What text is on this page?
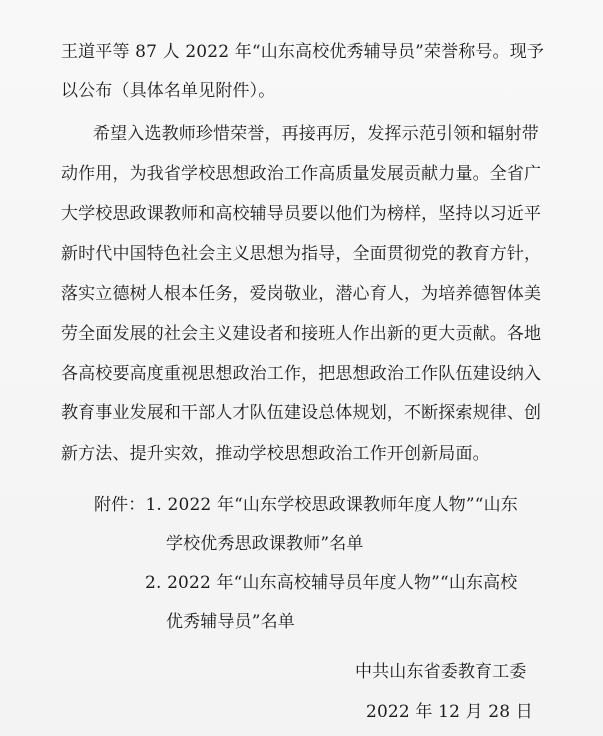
王道平等 87 人 2022 年“山东高校优秀辅导员”荣誉称号。现予
以公布（具体名单见附件）。
希望入选教师珍惜荣誉，再接再厉，发挥示范引领和辐射带
动作用，为我省学校思想政治工作高质量发展贡献力量。全省广
大学校思政课教师和高校辅导员要以他们为榜样，坚持以习近平
新时代中国特色社会主义思想为指导，全面贯彻党的教育方针，
落实立德树人根本任务，爱岗敬业，潜心育人，为培养德智体美
劳全面发展的社会主义建设者和接班人作出新的更大贡献。各地
各高校要高度重视思想政治工作，把思想政治工作队伍建设纳入
教育事业发展和干部人才队伍建设总体规划，不断探索规律、创
新方法、提升实效，推动学校思想政治工作开创新局面。
附件：1. 2022 年“山东学校思政课教师年度人物”“山东
学校优秀思政课教师”名单
2. 2022 年“山东高校辅导员年度人物”“山东高校
优秀辅导员”名单
中共山东省委教育工委
2022 年 12 月 28 日
